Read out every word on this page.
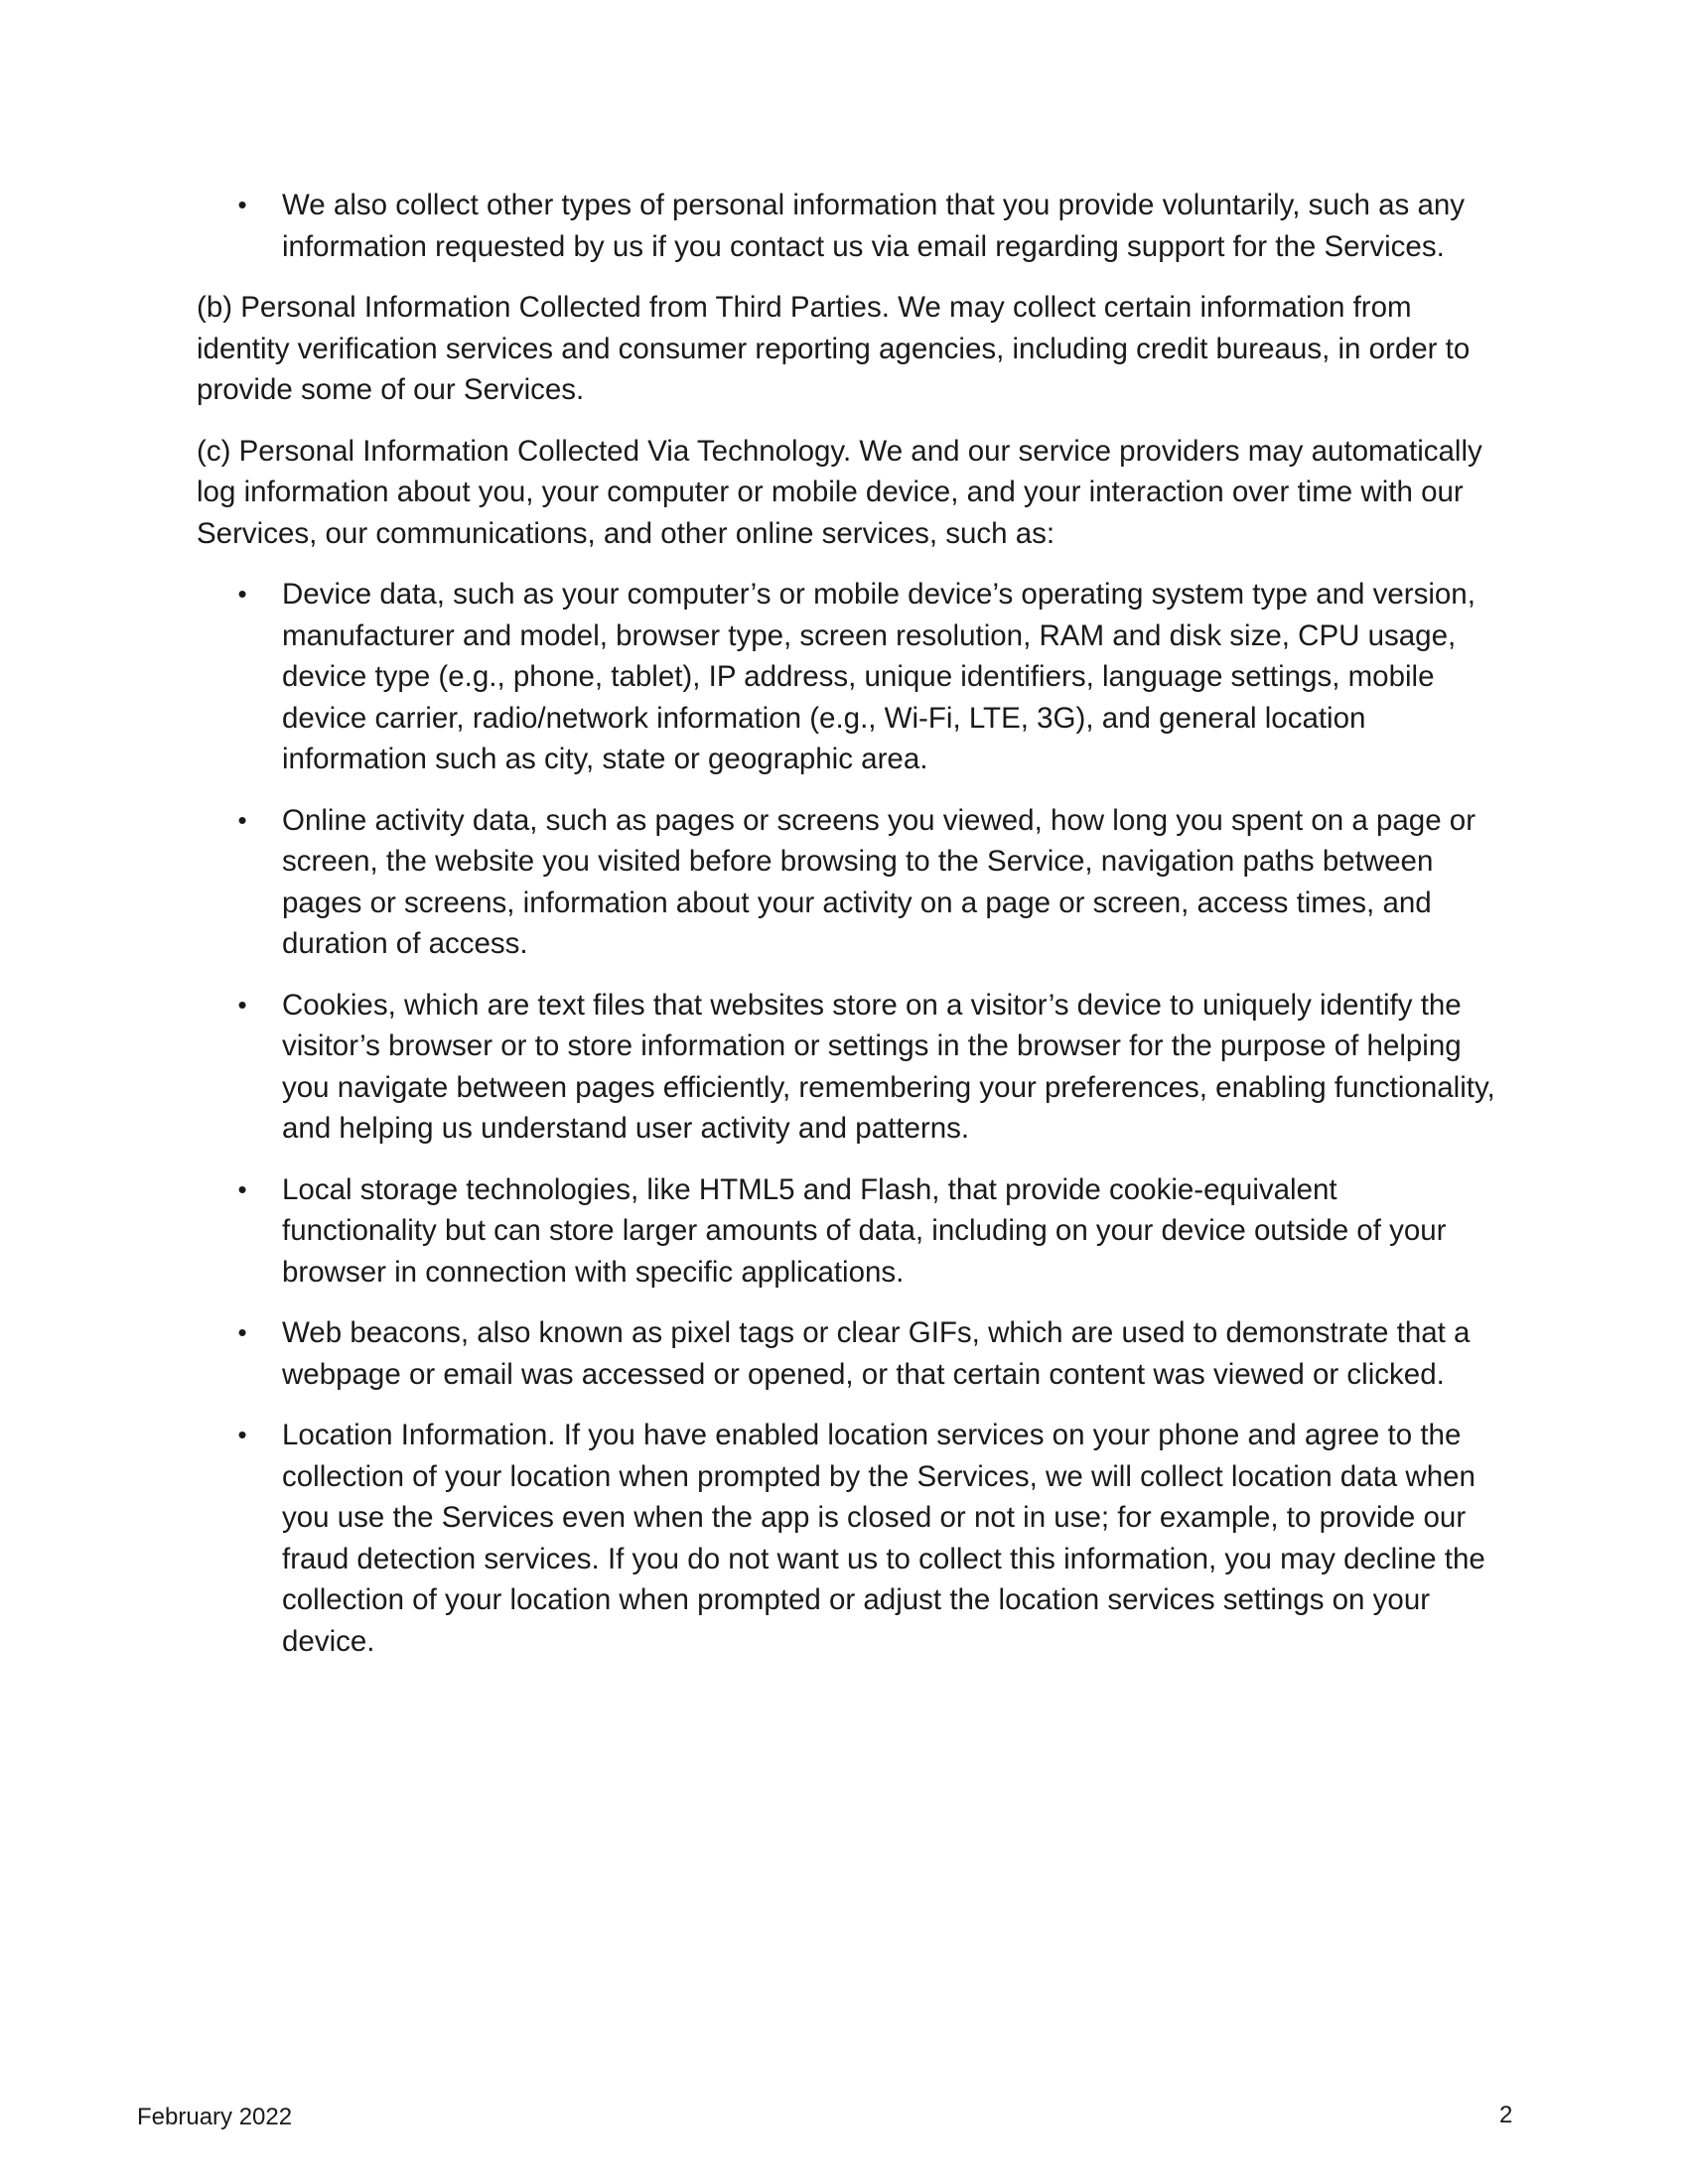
• We also collect other types of personal information that you provide voluntarily, such as any information requested by us if you contact us via email regarding support for the Services.

(b) Personal Information Collected from Third Parties. We may collect certain information from identity verification services and consumer reporting agencies, including credit bureaus, in order to provide some of our Services.

(c) Personal Information Collected Via Technology. We and our service providers may automatically log information about you, your computer or mobile device, and your interaction over time with our Services, our communications, and other online services, such as:

• Device data, such as your computer’s or mobile device’s operating system type and version, manufacturer and model, browser type, screen resolution, RAM and disk size, CPU usage, device type (e.g., phone, tablet), IP address, unique identifiers, language settings, mobile device carrier, radio/network information (e.g., Wi-Fi, LTE, 3G), and general location information such as city, state or geographic area.
• Online activity data, such as pages or screens you viewed, how long you spent on a page or screen, the website you visited before browsing to the Service, navigation paths between pages or screens, information about your activity on a page or screen, access times, and duration of access.
• Cookies, which are text files that websites store on a visitor’s device to uniquely identify the visitor’s browser or to store information or settings in the browser for the purpose of helping you navigate between pages efficiently, remembering your preferences, enabling functionality, and helping us understand user activity and patterns.
• Local storage technologies, like HTML5 and Flash, that provide cookie-equivalent functionality but can store larger amounts of data, including on your device outside of your browser in connection with specific applications.
• Web beacons, also known as pixel tags or clear GIFs, which are used to demonstrate that a webpage or email was accessed or opened, or that certain content was viewed or clicked.
• Location Information. If you have enabled location services on your phone and agree to the collection of your location when prompted by the Services, we will collect location data when you use the Services even when the app is closed or not in use; for example, to provide our fraud detection services. If you do not want us to collect this information, you may decline the collection of your location when prompted or adjust the location services settings on your device.
February 2022	2
